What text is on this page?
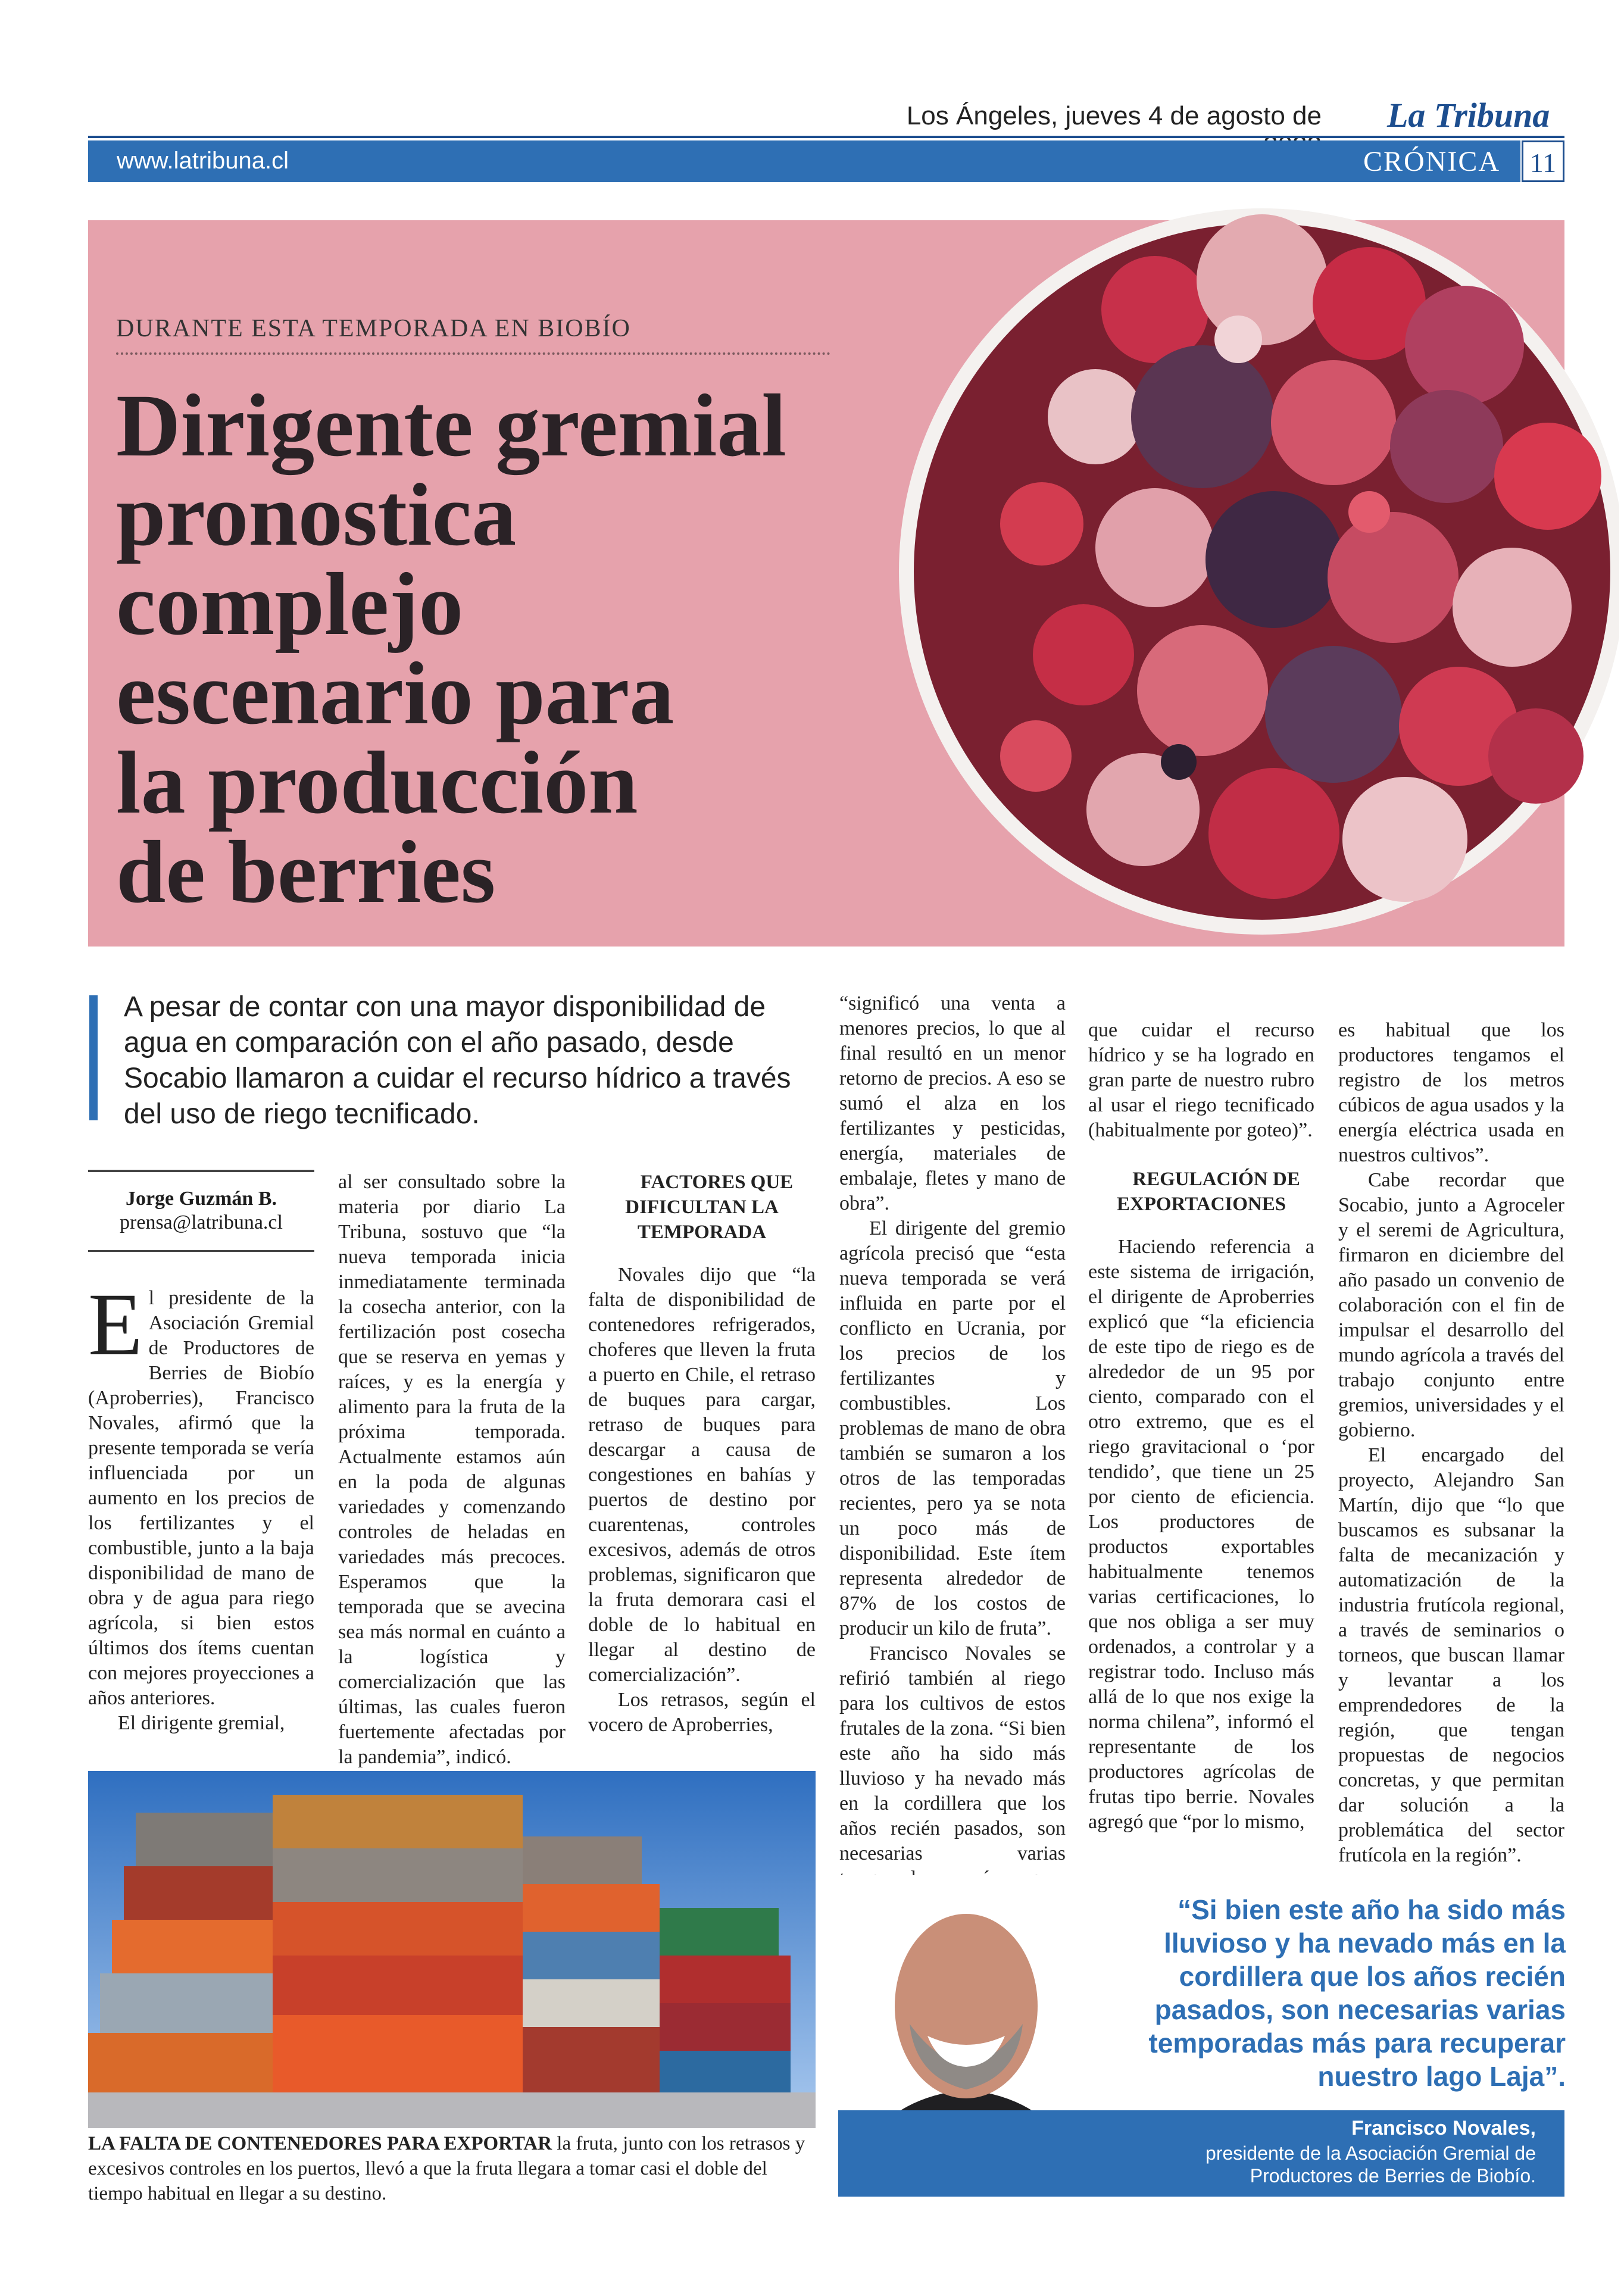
Los Ángeles, jueves 4 de agosto de La Tribuna
www.latribuna.cl	CRÓNICA	11
DURANTE ESTA TEMPORADA EN BIOBÍO
Dirigente gremial
pronostica complejo
escenario para
la producción
de berries
A pesar de contar con una mayor disponibilidad de agua en comparación con el año pasado, desde Socabio llamaron a cuidar el recurso hídrico a través del uso de riego tecnificado.
Jorge Guzmán B.
prensa@latribuna.cl
E l presidente de la Asociación Gremial de Productores de Berries de Biobío (Aproberries), Francisco Novales, afirmó que la presente temporada se vería influenciada por un aumento en los precios de los fertilizantes y el combustible, junto a la baja disponibilidad de mano de obra y de agua para riego agrícola, si bien estos últimos dos ítems cuentan con mejores proyecciones a años anteriores.

El dirigente gremial,

al ser consultado sobre la materia por diario La Tribuna, sostuvo que “la nueva temporada inicia inmediatamente terminada la cosecha anterior, con la fertilización post cosecha que se reserva en yemas y raíces, y es la energía y alimento para la fruta de la próxima temporada. Actualmente estamos aún en la poda de algunas variedades y comenzando controles de heladas en variedades más precoces. Esperamos que la temporada que se avecina sea más normal en cuánto a la logística y comercialización que las últimas, las cuales fueron fuertemente afectadas por la pandemia”, indicó.

FACTORES QUE DIFICULTAN LA TEMPORADA

Novales dijo que “la falta de disponibilidad de contenedores refrigerados, choferes que lleven la fruta a puerto en Chile, el retraso de buques para cargar, retraso de buques para descargar a causa de congestiones en bahías y puertos de destino por cuarentenas, controles excesivos, además de otros problemas, significaron que la fruta demorara casi el doble de lo habitual en llegar al destino de comercialización”.

Los retrasos, según el vocero de Aproberries,

“significó una venta a menores precios, lo que al final resultó en un menor retorno de precios. A eso se sumó el alza en los fertilizantes y pesticidas, energía, materiales de embalaje, fletes y mano de obra”.

El dirigente del gremio agrícola precisó que “esta nueva temporada se verá influida en parte por el conflicto en Ucrania, por los precios de los fertilizantes y combustibles. Los problemas de mano de obra también se sumaron a los otros de las temporadas recientes, pero ya se nota un poco más de disponibilidad. Este ítem representa alrededor de 87% de los costos de producir un kilo de fruta”.

Francisco Novales se refirió también al riego para los cultivos de estos frutales de la zona. “Si bien este año ha sido más lluvioso y ha nevado más en la cordillera que los años recién pasados, son necesarias varias

que cuidar el recurso hídrico y se ha logrado en gran parte de nuestro rubro al usar el riego tecnificado (habitualmente por goteo)”.

REGULACIÓN DE EXPORTACIONES

Haciendo referencia a este sistema de irrigación, el dirigente de Aproberries explicó que “la eficiencia de este tipo de riego es de alrededor de un 95 por ciento, comparado con el otro extremo, que es el riego gravitacional o ‘por tendido’, que tiene un 25 por ciento de eficiencia. Los productores de productos exportables habitualmente tenemos varias certificaciones, lo que nos obliga a ser muy ordenados, a controlar y a registrar todo. Incluso más allá de lo que nos exige la norma chilena”, informó el representante de los productores agrícolas de frutas tipo berrie. Novales agregó que “por lo mismo,

es habitual que los productores tengamos el registro de los metros cúbicos de agua usados y la energía eléctrica usada en nuestros cultivos”.

Cabe recordar que Socabio, junto a Agroceler y el seremi de Agricultura, firmaron en diciembre del año pasado un convenio de colaboración con el fin de impulsar el desarrollo del mundo agrícola a través del trabajo conjunto entre gremios, universidades y el gobierno.

El encargado del proyecto, Alejandro San Martín, dijo que “lo que buscamos es subsanar la falta de mecanización y automatización de la industria frutícola regional, a través de seminarios o torneos, que buscan llamar y levantar a los emprendedores de la región, que tengan propuestas de negocios concretas, y que permitan dar solución a la problemática del sector frutícola en la región”.

LA FALTA DE CONTENEDORES PARA EXPORTAR la fruta, junto con los retrasos y excesivos controles en los puertos, llevó a que la fruta llegara a tomar casi el doble del tiempo habitual en llegar a su destino.
“Si bien este año ha sido más lluvioso y ha nevado más en la cordillera que los años recién pasados, son necesarias varias temporadas más para recuperar nuestro lago Laja”.
Francisco Novales,
presidente de la Asociación Gremial de
Productores de Berries de Biobío.
